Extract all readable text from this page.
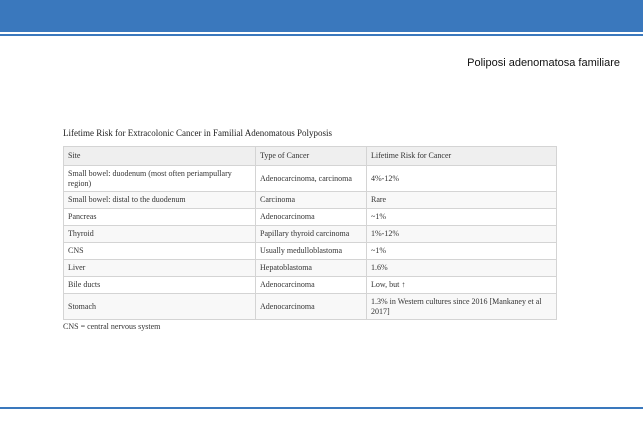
Poliposi adenomatosa familiare
Lifetime Risk for Extracolonic Cancer in Familial Adenomatous Polyposis
Site	Type of Cancer	Lifetime Risk for Cancer
Small bowel: duodenum (most often periampullary region)	Adenocarcinoma, carcinoma	4%-12%
Small bowel: distal to the duodenum	Carcinoma	Rare
Pancreas	Adenocarcinoma	~1%
Thyroid	Papillary thyroid carcinoma	1%-12%
CNS	Usually medulloblastoma	~1%
Liver	Hepatoblastoma	1.6%
Bile ducts	Adenocarcinoma	Low, but ↑
Stomach	Adenocarcinoma	1.3% in Western cultures since 2016 [Mankaney et al 2017]
CNS = central nervous system
